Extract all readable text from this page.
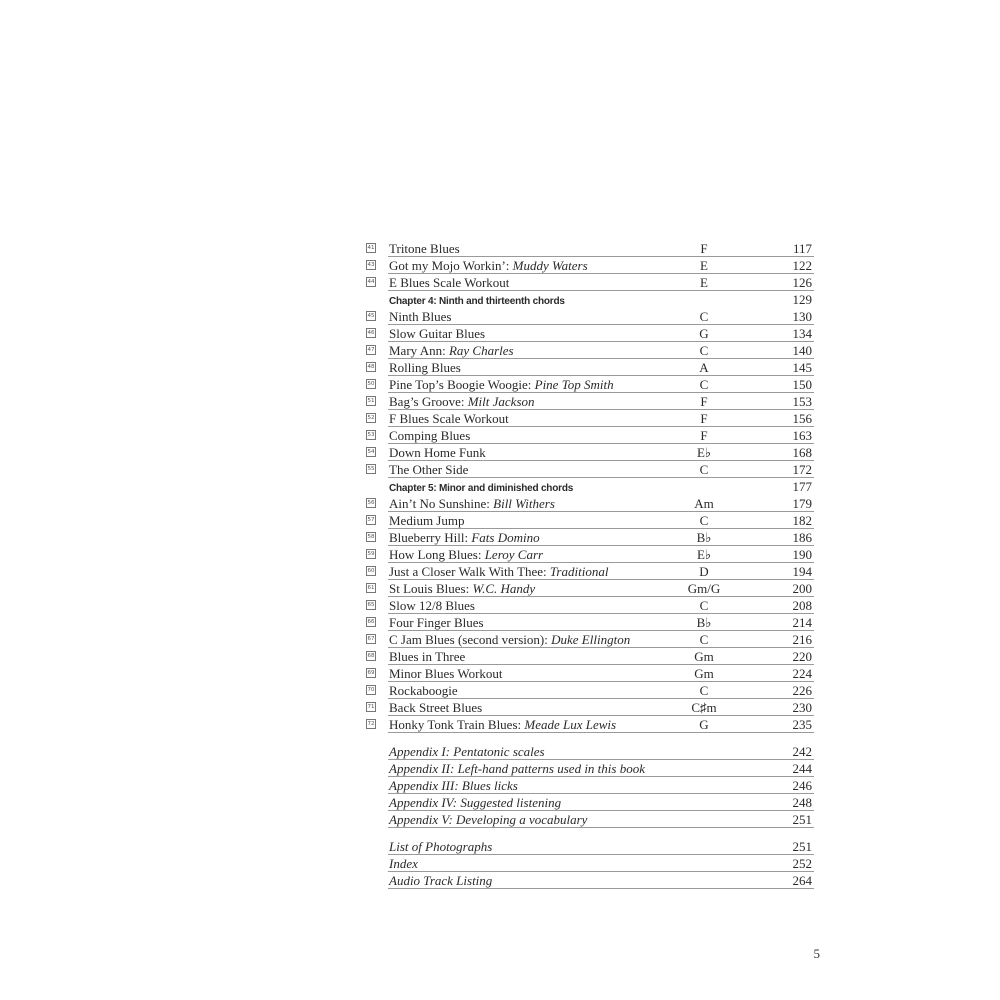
41 Tritone Blues	F	117
43 Got my Mojo Workin’: Muddy Waters	E	122
44 E Blues Scale Workout	E	126
Chapter 4: Ninth and thirteenth chords	129
45 Ninth Blues	C	130
46 Slow Guitar Blues	G	134
47 Mary Ann: Ray Charles	C	140
48 Rolling Blues	A	145
50 Pine Top’s Boogie Woogie: Pine Top Smith	C	150
51 Bag’s Groove: Milt Jackson	F	153
52 F Blues Scale Workout	F	156
53 Comping Blues	F	163
54 Down Home Funk	E♭	168
55 The Other Side	C	172
Chapter 5: Minor and diminished chords	177
56 Ain’t No Sunshine: Bill Withers	Am	179
57 Medium Jump	C	182
58 Blueberry Hill: Fats Domino	B♭	186
59 How Long Blues: Leroy Carr	E♭	190
60 Just a Closer Walk With Thee: Traditional	D	194
61 St Louis Blues: W.C. Handy	Gm/G	200
65 Slow 12/8 Blues	C	208
66 Four Finger Blues	B♭	214
67 C Jam Blues (second version): Duke Ellington	C	216
68 Blues in Three	Gm	220
69 Minor Blues Workout	Gm	224
70 Rockaboogie	C	226
71 Back Street Blues	C♯m	230
72 Honky Tonk Train Blues: Meade Lux Lewis	G	235
Appendix I: Pentatonic scales	242
Appendix II: Left-hand patterns used in this book	244
Appendix III: Blues licks	246
Appendix IV: Suggested listening	248
Appendix V: Developing a vocabulary	251
List of Photographs	251
Index	252
Audio Track Listing	264
5
